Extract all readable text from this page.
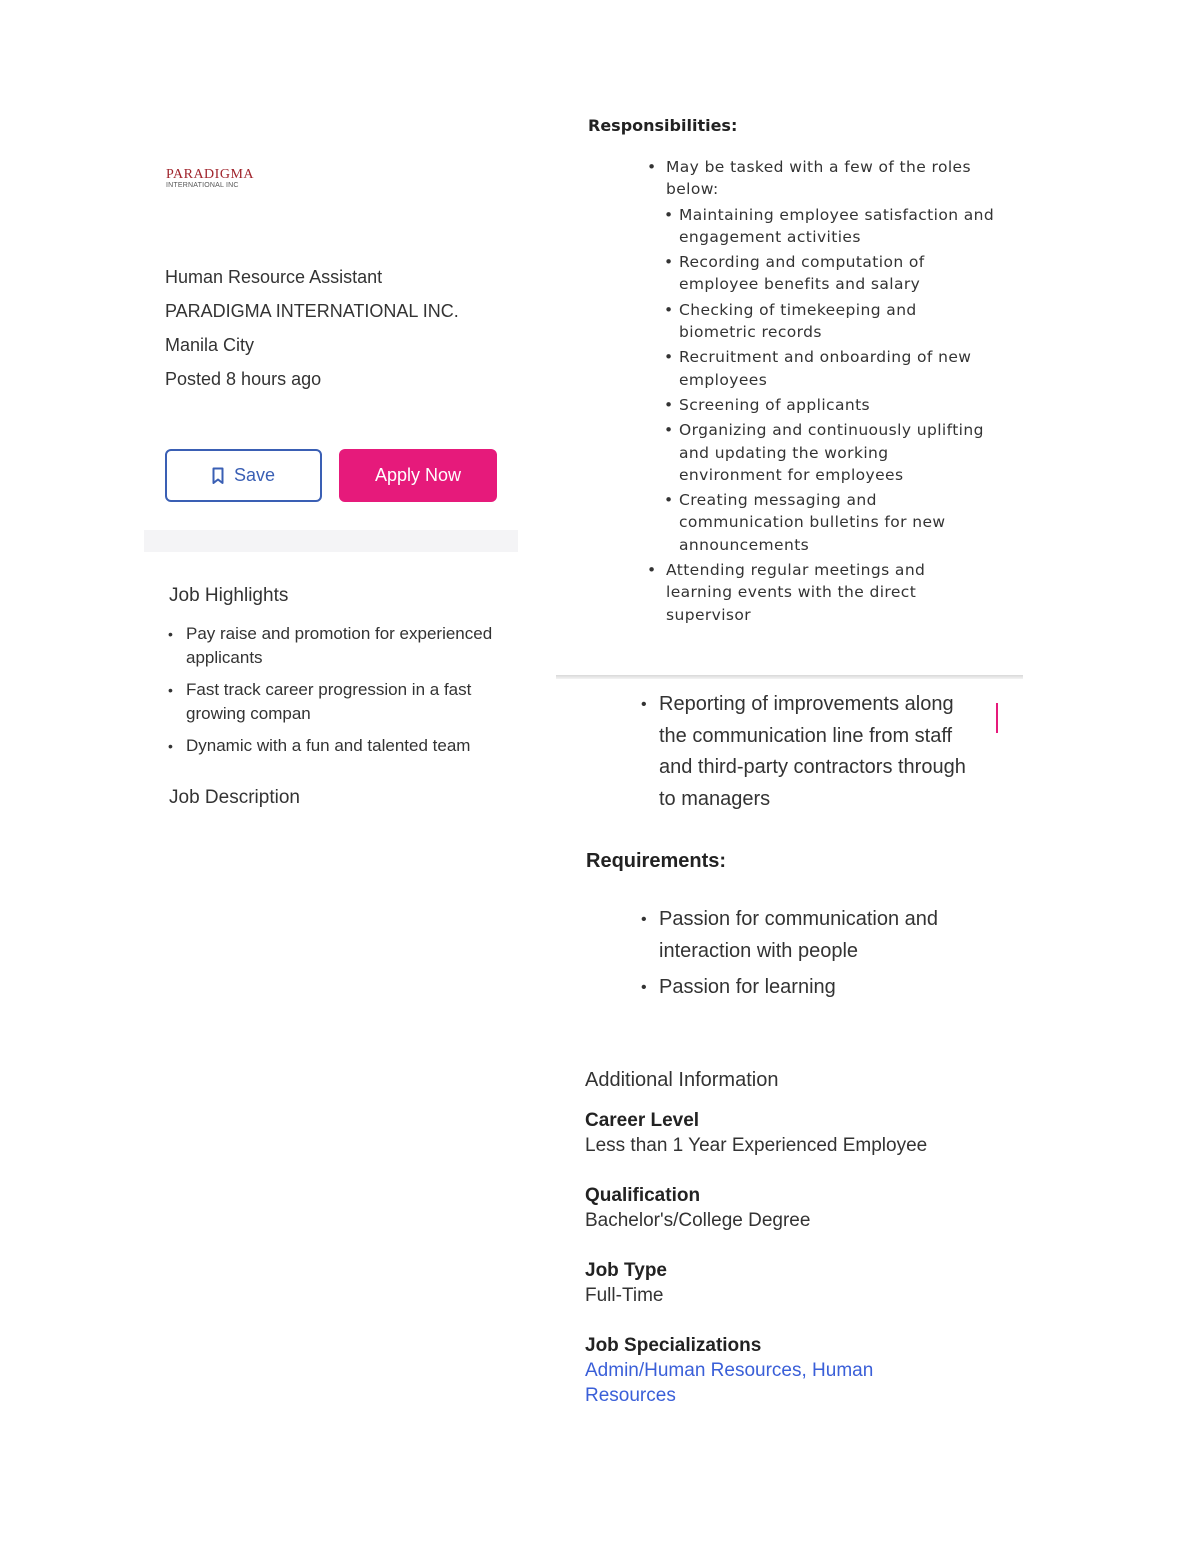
PARADIGMA
INTERNATIONAL INC
Human Resource Assistant
PARADIGMA INTERNATIONAL INC.
Manila City
Posted 8 hours ago
Save	Apply Now
Job Highlights
• Pay raise and promotion for experienced applicants
• Fast track career progression in a fast growing compan
• Dynamic with a fun and talented team
Job Description
Responsibilities:
• May be tasked with a few of the roles below:
• Maintaining employee satisfaction and engagement activities
• Recording and computation of employee benefits and salary
• Checking of timekeeping and biometric records
• Recruitment and onboarding of new employees
• Screening of applicants
• Organizing and continuously uplifting and updating the working environment for employees
• Creating messaging and communication bulletins for new announcements
• Attending regular meetings and learning events with the direct supervisor
• Reporting of improvements along the communication line from staff and third-party contractors through to managers
Requirements:
• Passion for communication and interaction with people
• Passion for learning
Additional Information
Career Level
Less than 1 Year Experienced Employee
Qualification
Bachelor's/College Degree
Job Type
Full-Time
Job Specializations
Admin/Human Resources, Human Resources
